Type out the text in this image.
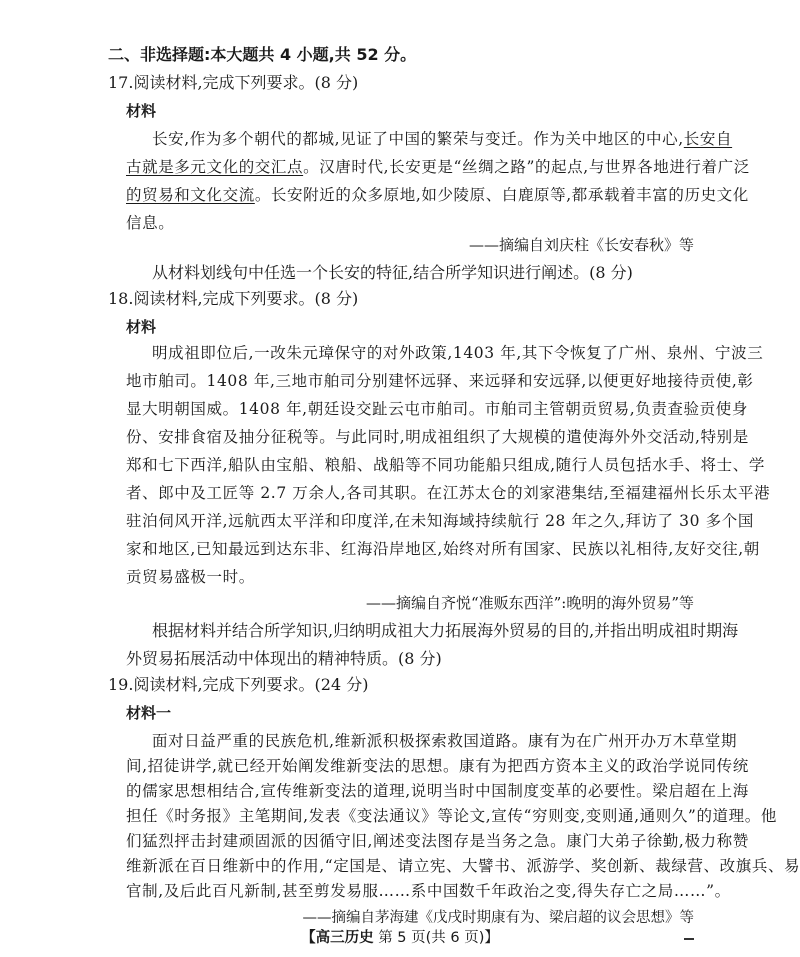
二、非选择题:本大题共 4 小题,共 52 分。
17.阅读材料,完成下列要求。(8 分)
材料
长安,作为多个朝代的都城,见证了中国的繁荣与变迁。作为关中地区的中心,长安自
古就是多元文化的交汇点。汉唐时代,长安更是“丝绸之路”的起点,与世界各地进行着广泛
的贸易和文化交流。长安附近的众多原地,如少陵原、白鹿原等,都承载着丰富的历史文化
信息。
——摘编自刘庆柱《长安春秋》等
从材料划线句中任选一个长安的特征,结合所学知识进行阐述。(8 分)
18.阅读材料,完成下列要求。(8 分)
材料
明成祖即位后,一改朱元璋保守的对外政策,1403 年,其下令恢复了广州、泉州、宁波三
地市舶司。1408 年,三地市舶司分别建怀远驿、来远驿和安远驿,以便更好地接待贡使,彰
显大明朝国威。1408 年,朝廷设交趾云屯市舶司。市舶司主管朝贡贸易,负责查验贡使身
份、安排食宿及抽分征税等。与此同时,明成祖组织了大规模的遣使海外外交活动,特别是
郑和七下西洋,船队由宝船、粮船、战船等不同功能船只组成,随行人员包括水手、将士、学
者、郎中及工匠等 2.7 万余人,各司其职。在江苏太仓的刘家港集结,至福建福州长乐太平港
驻泊伺风开洋,远航西太平洋和印度洋,在未知海域持续航行 28 年之久,拜访了 30 多个国
家和地区,已知最远到达东非、红海沿岸地区,始终对所有国家、民族以礼相待,友好交往,朝
贡贸易盛极一时。
——摘编自齐悦“准贩东西洋”:晚明的海外贸易”等
根据材料并结合所学知识,归纳明成祖大力拓展海外贸易的目的,并指出明成祖时期海
外贸易拓展活动中体现出的精神特质。(8 分)
19.阅读材料,完成下列要求。(24 分)
材料一
面对日益严重的民族危机,维新派积极探索救国道路。康有为在广州开办万木草堂期
间,招徒讲学,就已经开始阐发维新变法的思想。康有为把西方资本主义的政治学说同传统
的儒家思想相结合,宣传维新变法的道理,说明当时中国制度变革的必要性。梁启超在上海
担任《时务报》主笔期间,发表《变法通议》等论文,宣传“穷则变,变则通,通则久”的道理。他
们猛烈抨击封建顽固派的因循守旧,阐述变法图存是当务之急。康门大弟子徐勤,极力称赞
维新派在百日维新中的作用,“定国是、请立宪、大譬书、派游学、奖创新、裁绿营、改旗兵、易
官制,及后此百凡新制,甚至剪发易服……系中国数千年政治之变,得失存亡之局……”。
【高三历史 第 5 页(共 6 页)】
——摘编自茅海建《戊戌时期康有为、梁启超的议会思想》等
